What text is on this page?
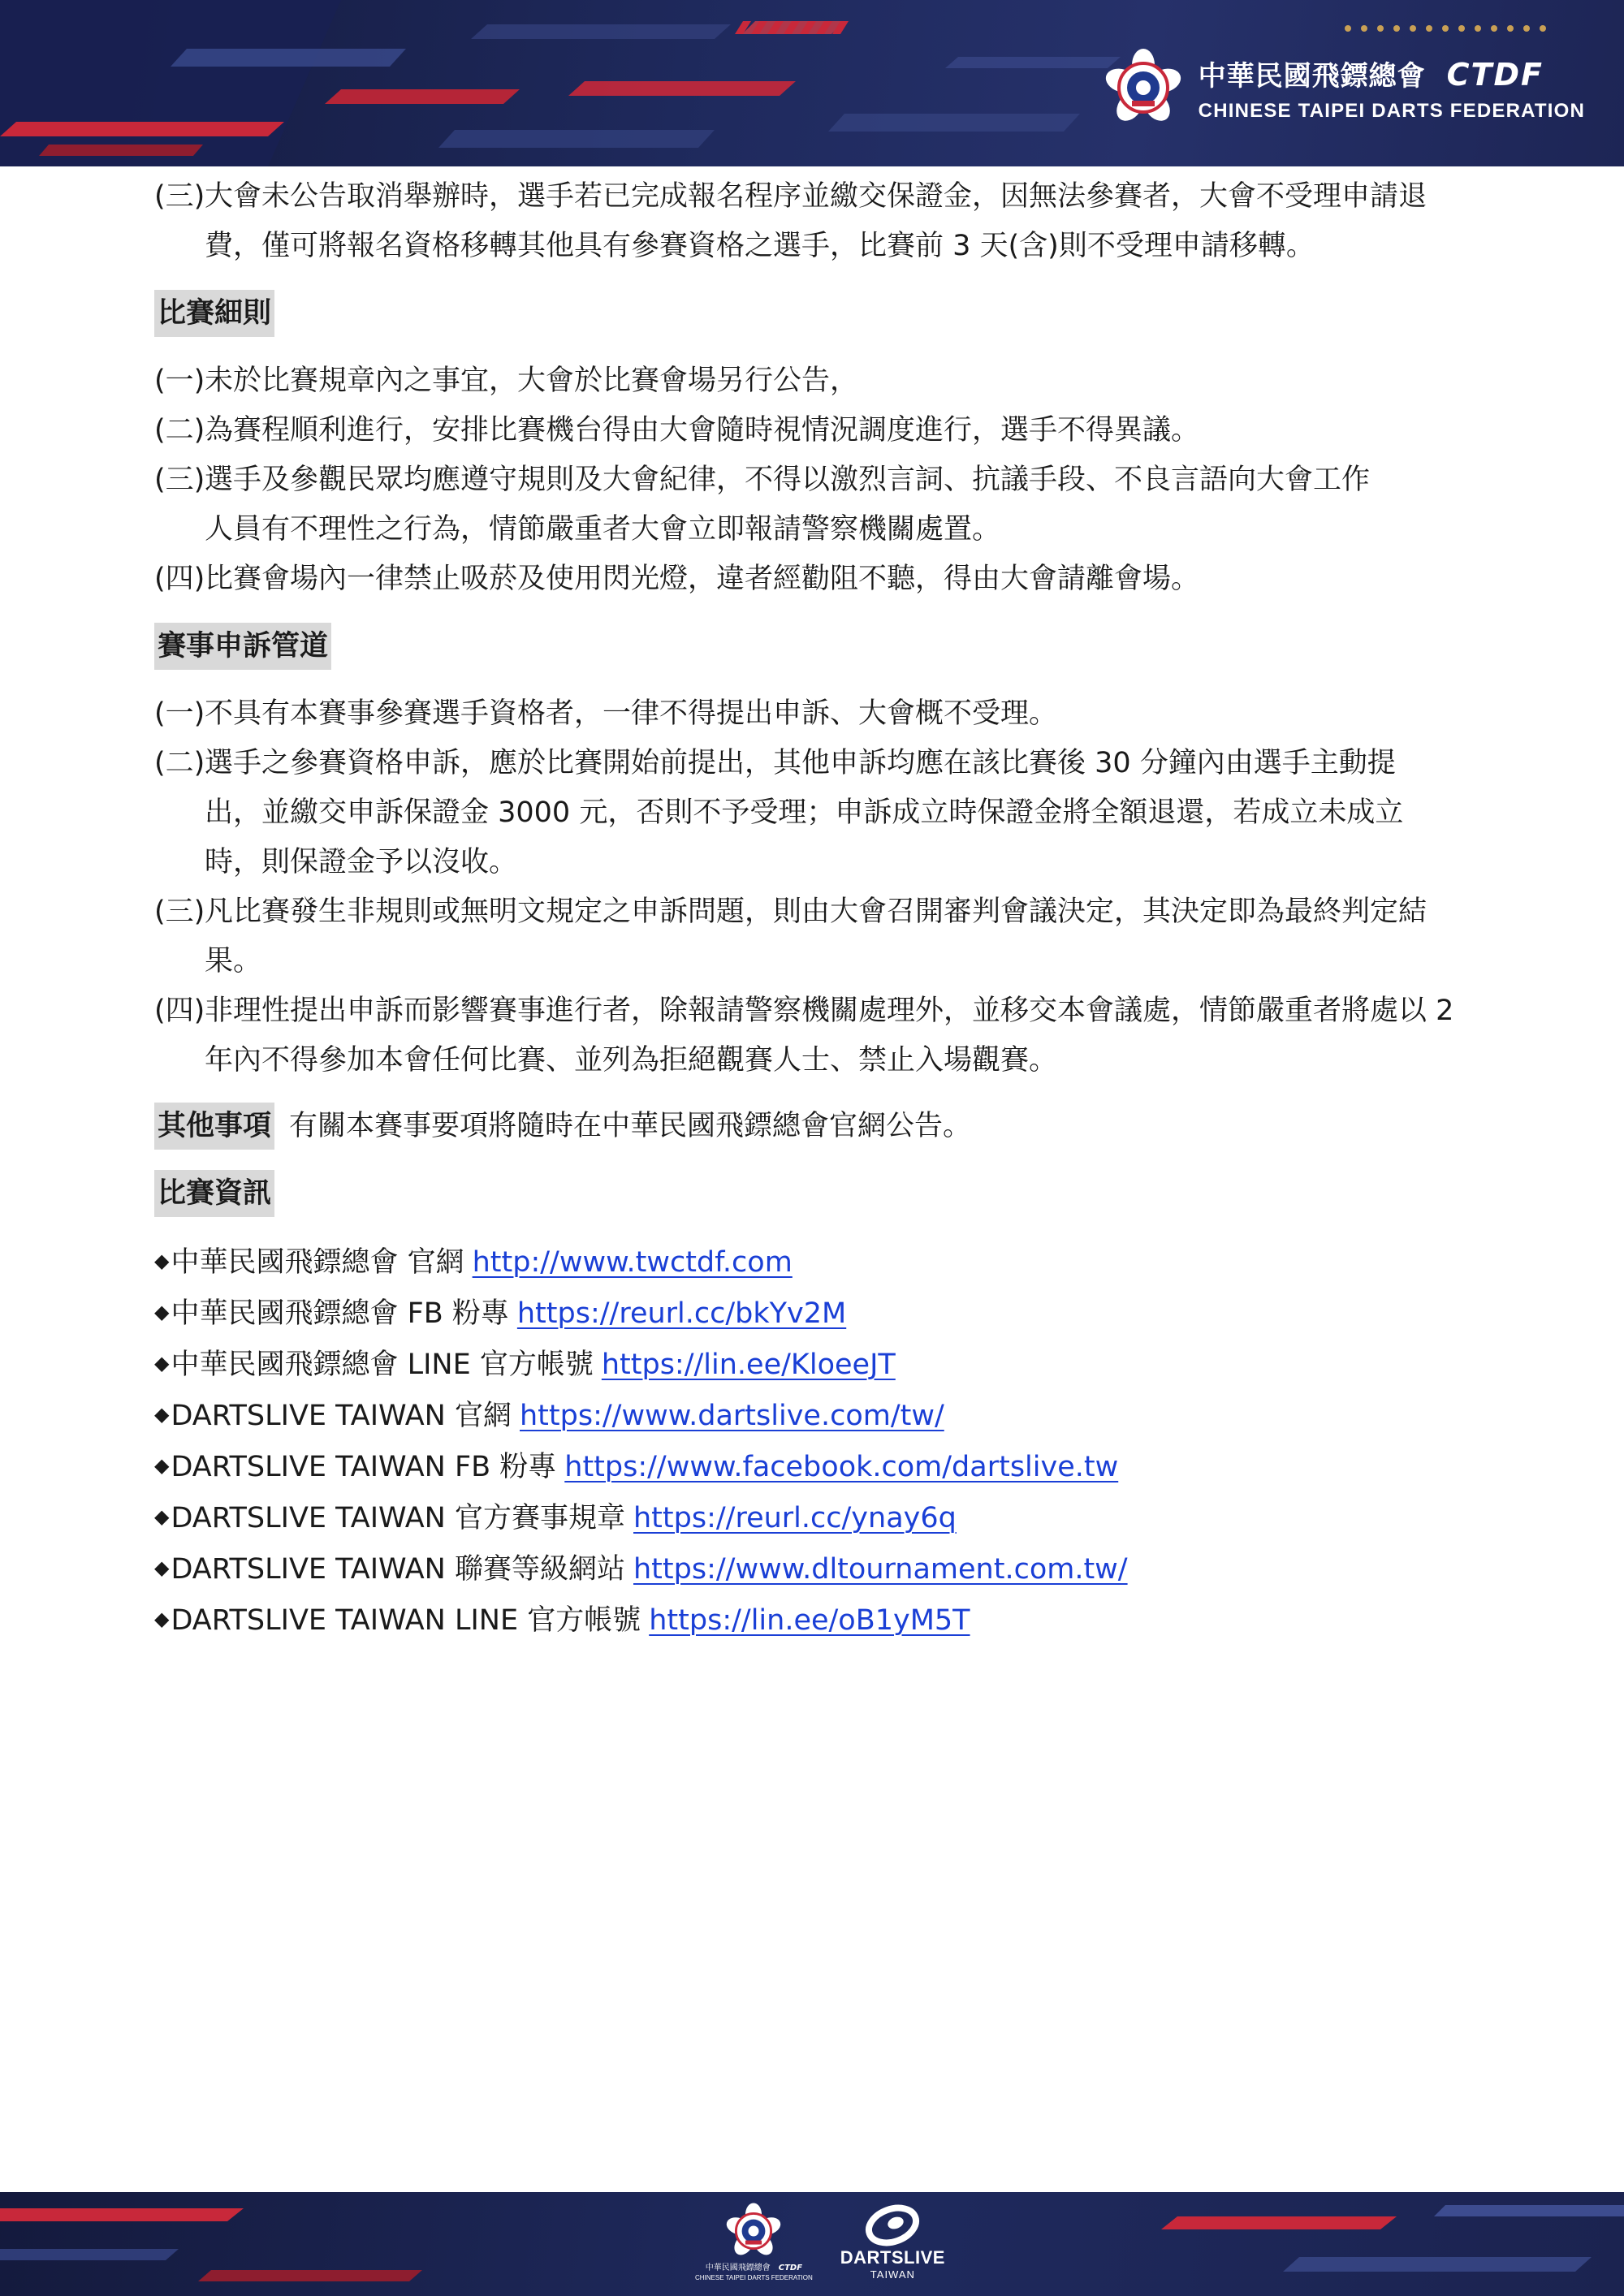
中華民國飛鏢總會 CTDF
CHINESE TAIPEI DARTS FEDERATION
(三) 大會未公告取消舉辦時，選手若已完成報名程序並繳交保證金，因無法參賽者，大會不受理申請退費，僅可將報名資格移轉其他具有參賽資格之選手，比賽前 3 天(含)則不受理申請移轉。
比賽細則
(一) 未於比賽規章內之事宜，大會於比賽會場另行公告，
(二) 為賽程順利進行，安排比賽機台得由大會隨時視情況調度進行，選手不得異議。
(三) 選手及參觀民眾均應遵守規則及大會紀律，不得以激烈言詞、抗議手段、不良言語向大會工作人員有不理性之行為，情節嚴重者大會立即報請警察機關處置。
(四) 比賽會場內一律禁止吸菸及使用閃光燈，違者經勸阻不聽，得由大會請離會場。
賽事申訴管道
(一) 不具有本賽事參賽選手資格者，一律不得提出申訴、大會概不受理。
(二) 選手之參賽資格申訴，應於比賽開始前提出，其他申訴均應在該比賽後 30 分鐘內由選手主動提出，並繳交申訴保證金 3000 元，否則不予受理；申訴成立時保證金將全額退還，若成立未成立時，則保證金予以沒收。
(三) 凡比賽發生非規則或無明文規定之申訴問題，則由大會召開審判會議決定，其決定即為最終判定結果。
(四) 非理性提出申訴而影響賽事進行者，除報請警察機關處理外，並移交本會議處，情節嚴重者將處以 2 年內不得參加本會任何比賽、並列為拒絕觀賽人士、禁止入場觀賽。
其他事項 有關本賽事要項將隨時在中華民國飛鏢總會官網公告。
比賽資訊
◆中華民國飛鏢總會 官網 http://www.twctdf.com
◆中華民國飛鏢總會 FB 粉專 https://reurl.cc/bkYv2M
◆中華民國飛鏢總會 LINE 官方帳號 https://lin.ee/KloeeJT
◆DARTSLIVE TAIWAN 官網 https://www.dartslive.com/tw/
◆DARTSLIVE TAIWAN FB 粉專 https://www.facebook.com/dartslive.tw
◆DARTSLIVE TAIWAN 官方賽事規章 https://reurl.cc/ynay6q
◆DARTSLIVE TAIWAN 聯賽等級網站 https://www.dltournament.com.tw/
◆DARTSLIVE TAIWAN LINE 官方帳號 https://lin.ee/oB1yM5T
中華民國飛鏢總會 CTDF
CHINESE TAIPEI DARTS FEDERATION
DARTSLIVE
TAIWAN
